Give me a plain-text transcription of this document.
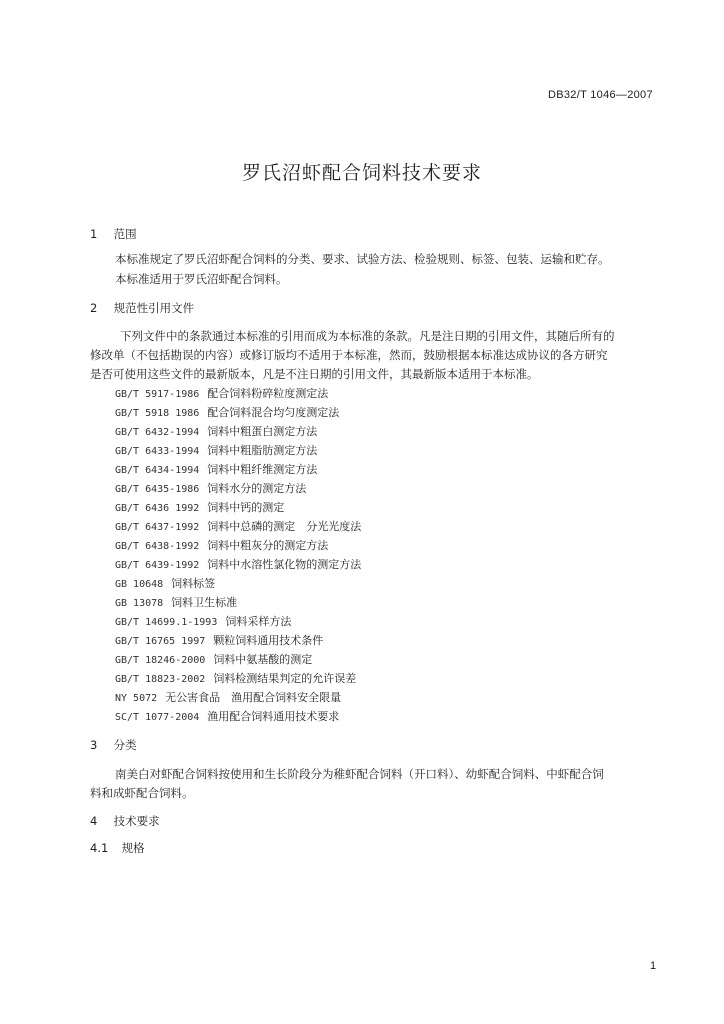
DB32/T 1046—2007
罗氏沼虾配合饲料技术要求
1 范围
本标准规定了罗氏沼虾配合饲料的分类、要求、试验方法、检验规则、标签、包装、运输和贮存。
本标准适用于罗氏沼虾配合饲料。
2 规范性引用文件
下列文件中的条款通过本标准的引用而成为本标准的条款。凡是注日期的引用文件，其随后所有的
修改单（不包括勘误的内容）或修订版均不适用于本标准，然而，鼓励根据本标准达成协议的各方研究
是否可使用这些文件的最新版本，凡是不注日期的引用文件，其最新版本适用于本标准。
GB/T 5917-1986 配合饲料粉碎粒度测定法
GB/T 5918 1986 配合饲料混合均匀度测定法
GB/T 6432-1994 饲料中粗蛋白测定方法
GB/T 6433-1994 饲料中粗脂肪测定方法
GB/T 6434-1994 饲料中粗纤维测定方法
GB/T 6435-1986 饲料水分的测定方法
GB/T 6436 1992 饲料中钙的测定
GB/T 6437-1992 饲料中总磷的测定　分光光度法
GB/T 6438-1992 饲料中粗灰分的测定方法
GB/T 6439-1992 饲料中水溶性氯化物的测定方法
GB 10648 饲料标签
GB 13078 饲料卫生标准
GB/T 14699.1-1993 饲料采样方法
GB/T 16765 1997 颗粒饲料通用技术条件
GB/T 18246-2000 饲料中氨基酸的测定
GB/T 18823-2002 饲料检测结果判定的允许误差
NY 5072 无公害食品　渔用配合饲料安全限量
SC/T 1077-2004 渔用配合饲料通用技术要求
3 分类
南美白对虾配合饲料按使用和生长阶段分为稚虾配合饲料（开口料）、幼虾配合饲料、中虾配合饲
料和成虾配合饲料。
4 技术要求
4.1 规格
1
